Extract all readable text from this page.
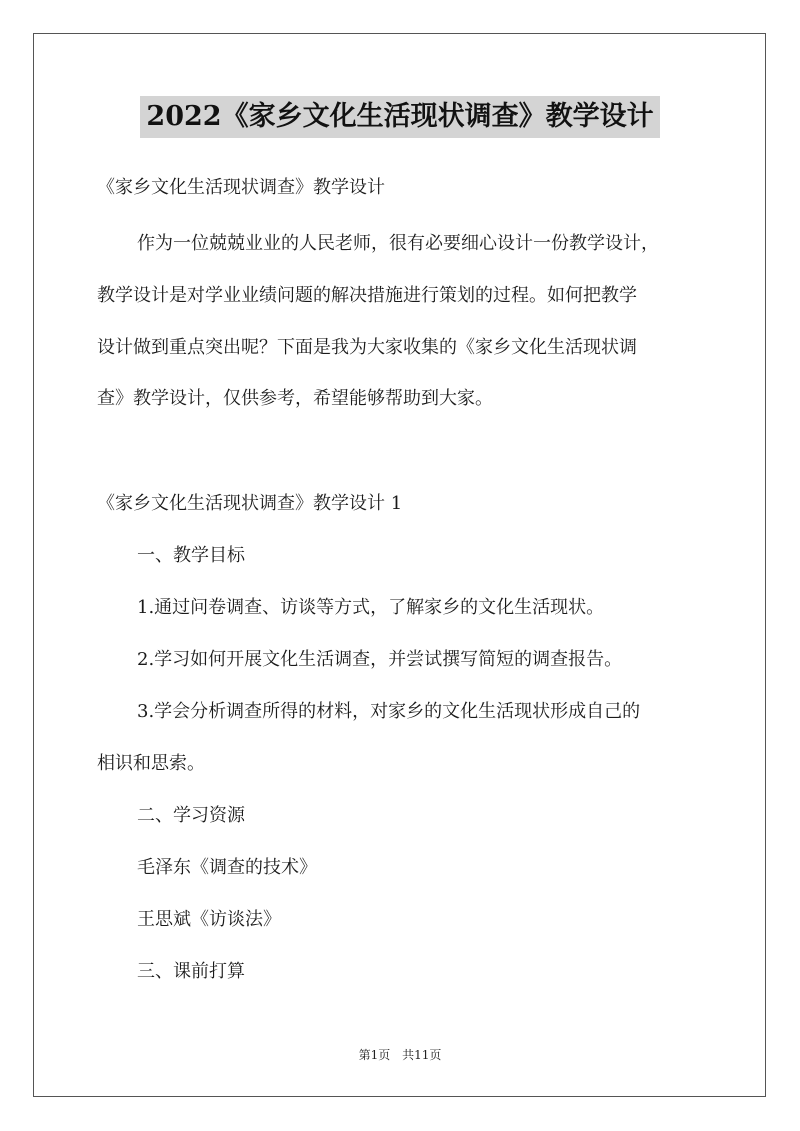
2022《家乡文化生活现状调查》教学设计
《家乡文化生活现状调查》教学设计
作为一位兢兢业业的人民老师，很有必要细心设计一份教学设计，
教学设计是对学业业绩问题的解决措施进行策划的过程。如何把教学
设计做到重点突出呢？下面是我为大家收集的《家乡文化生活现状调
查》教学设计，仅供参考，希望能够帮助到大家。
《家乡文化生活现状调查》教学设计 1
一、教学目标
1.通过问卷调查、访谈等方式，了解家乡的文化生活现状。
2.学习如何开展文化生活调查，并尝试撰写简短的调查报告。
3.学会分析调查所得的材料，对家乡的文化生活现状形成自己的
相识和思索。
二、学习资源
毛泽东《调查的技术》
王思斌《访谈法》
三、课前打算
第1页 共11页
